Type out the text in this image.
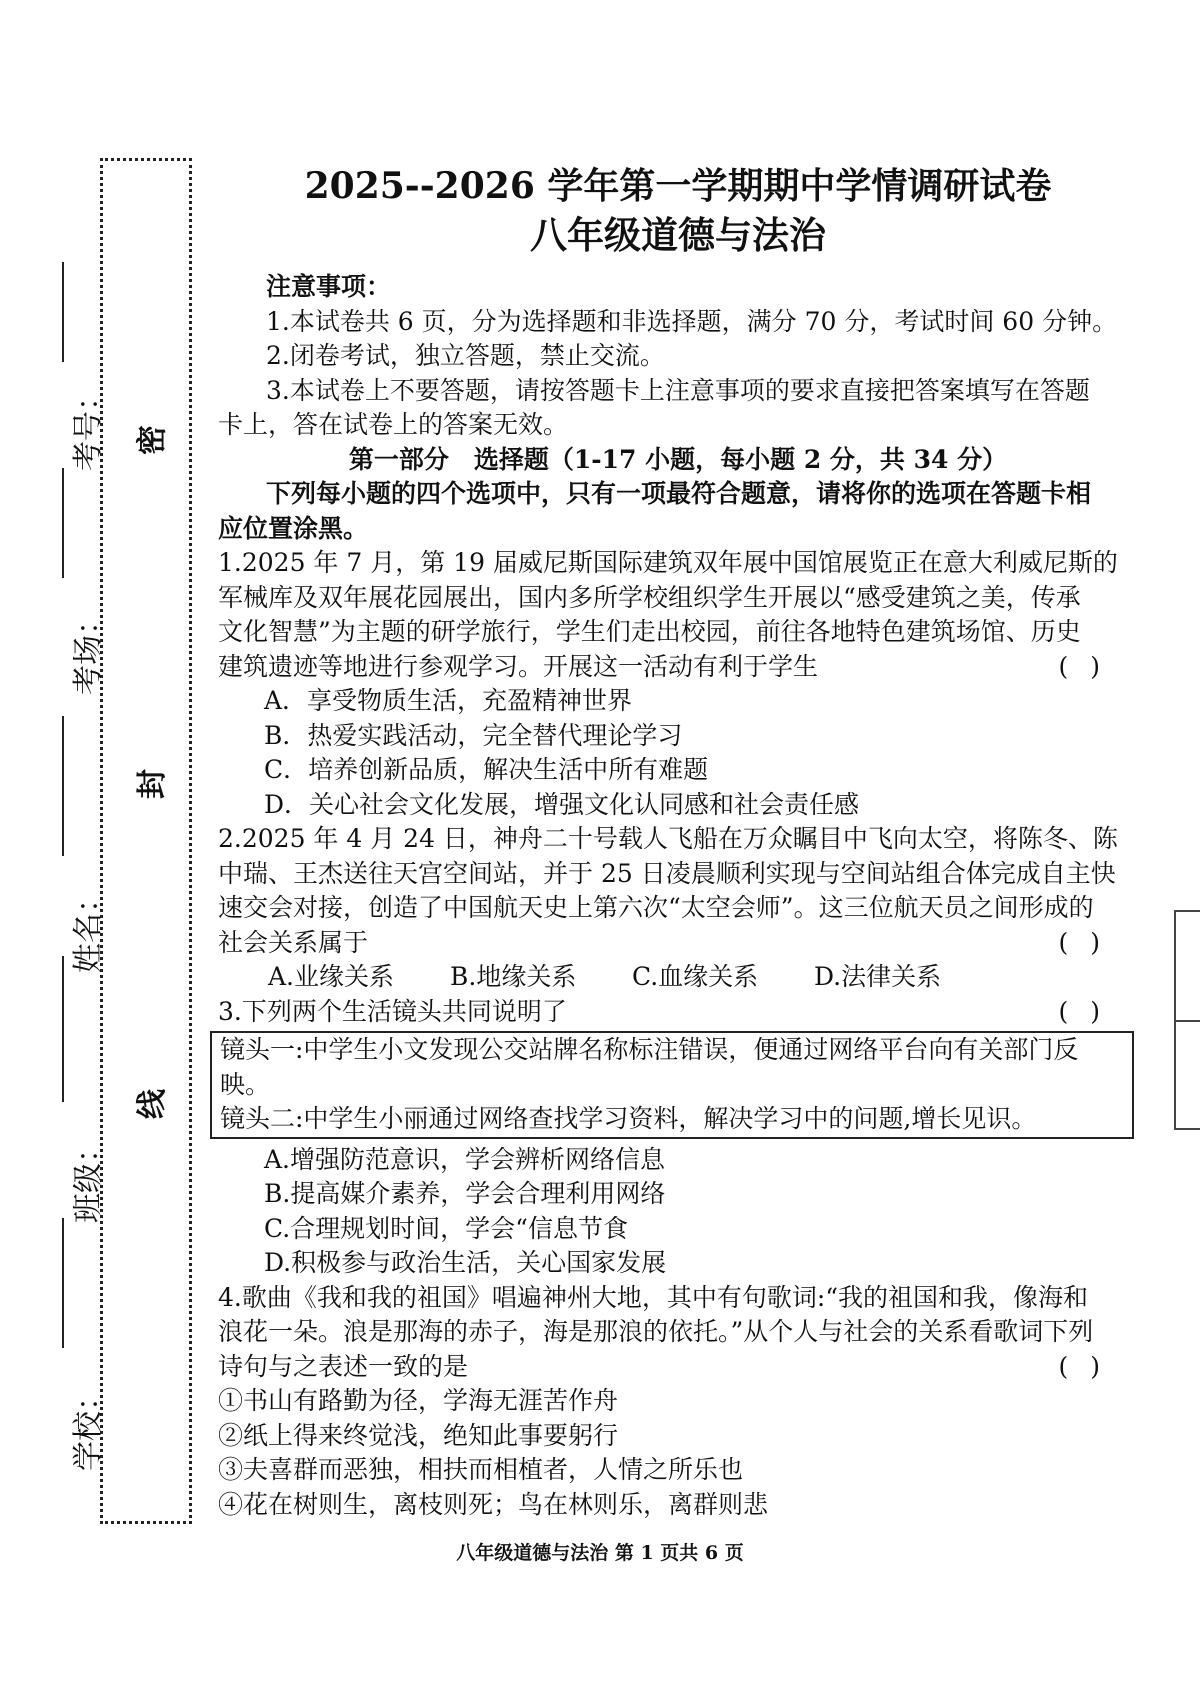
密
封
线
考号：
考场：
姓名：
班级：
学校：
2025--2026 学年第一学期期中学情调研试卷
八年级道德与法治
注意事项：
1.本试卷共 6 页，分为选择题和非选择题，满分 70 分，考试时间 60 分钟。
2.闭卷考试，独立答题，禁止交流。
3.本试卷上不要答题，请按答题卡上注意事项的要求直接把答案填写在答题
卡上，答在试卷上的答案无效。
第一部分　选择题（1-17 小题，每小题 2 分，共 34 分）
下列每小题的四个选项中，只有一项最符合题意，请将你的选项在答题卡相
应位置涂黑。
1.2025 年 7 月，第 19 届威尼斯国际建筑双年展中国馆展览正在意大利威尼斯的
军械库及双年展花园展出，国内多所学校组织学生开展以“感受建筑之美，传承
文化智慧”为主题的研学旅行，学生们走出校园，前往各地特色建筑场馆、历史
建筑遗迹等地进行参观学习。开展这一活动有利于学生	()
A．享受物质生活，充盈精神世界
B．热爱实践活动，完全替代理论学习
C．培养创新品质，解决生活中所有难题
D．关心社会文化发展，增强文化认同感和社会责任感
2.2025 年 4 月 24 日，神舟二十号载人飞船在万众瞩目中飞向太空，将陈冬、陈
中瑞、王杰送往天宫空间站，并于 25 日凌晨顺利实现与空间站组合体完成自主快
速交会对接，创造了中国航天史上第六次“太空会师”。这三位航天员之间形成的
社会关系属于	()
A.业缘关系	B.地缘关系	C.血缘关系	D.法律关系
3.下列两个生活镜头共同说明了	()
镜头一:中学生小文发现公交站牌名称标注错误，便通过网络平台向有关部门反
映。
镜头二:中学生小丽通过网络查找学习资料，解决学习中的问题,增长见识。
A.增强防范意识，学会辨析网络信息
B.提高媒介素养，学会合理利用网络
C.合理规划时间，学会“信息节食
D.积极参与政治生活，关心国家发展
4.歌曲《我和我的祖国》唱遍神州大地，其中有句歌词:“我的祖国和我，像海和
浪花一朵。浪是那海的赤子，海是那浪的依托。”从个人与社会的关系看歌词下列
诗句与之表述一致的是	()
①书山有路勤为径，学海无涯苦作舟
②纸上得来终觉浅，绝知此事要躬行
③夫喜群而恶独，相扶而相植者，人情之所乐也
④花在树则生，离枝则死；鸟在林则乐，离群则悲
八年级道德与法治 第 1 页共 6 页
